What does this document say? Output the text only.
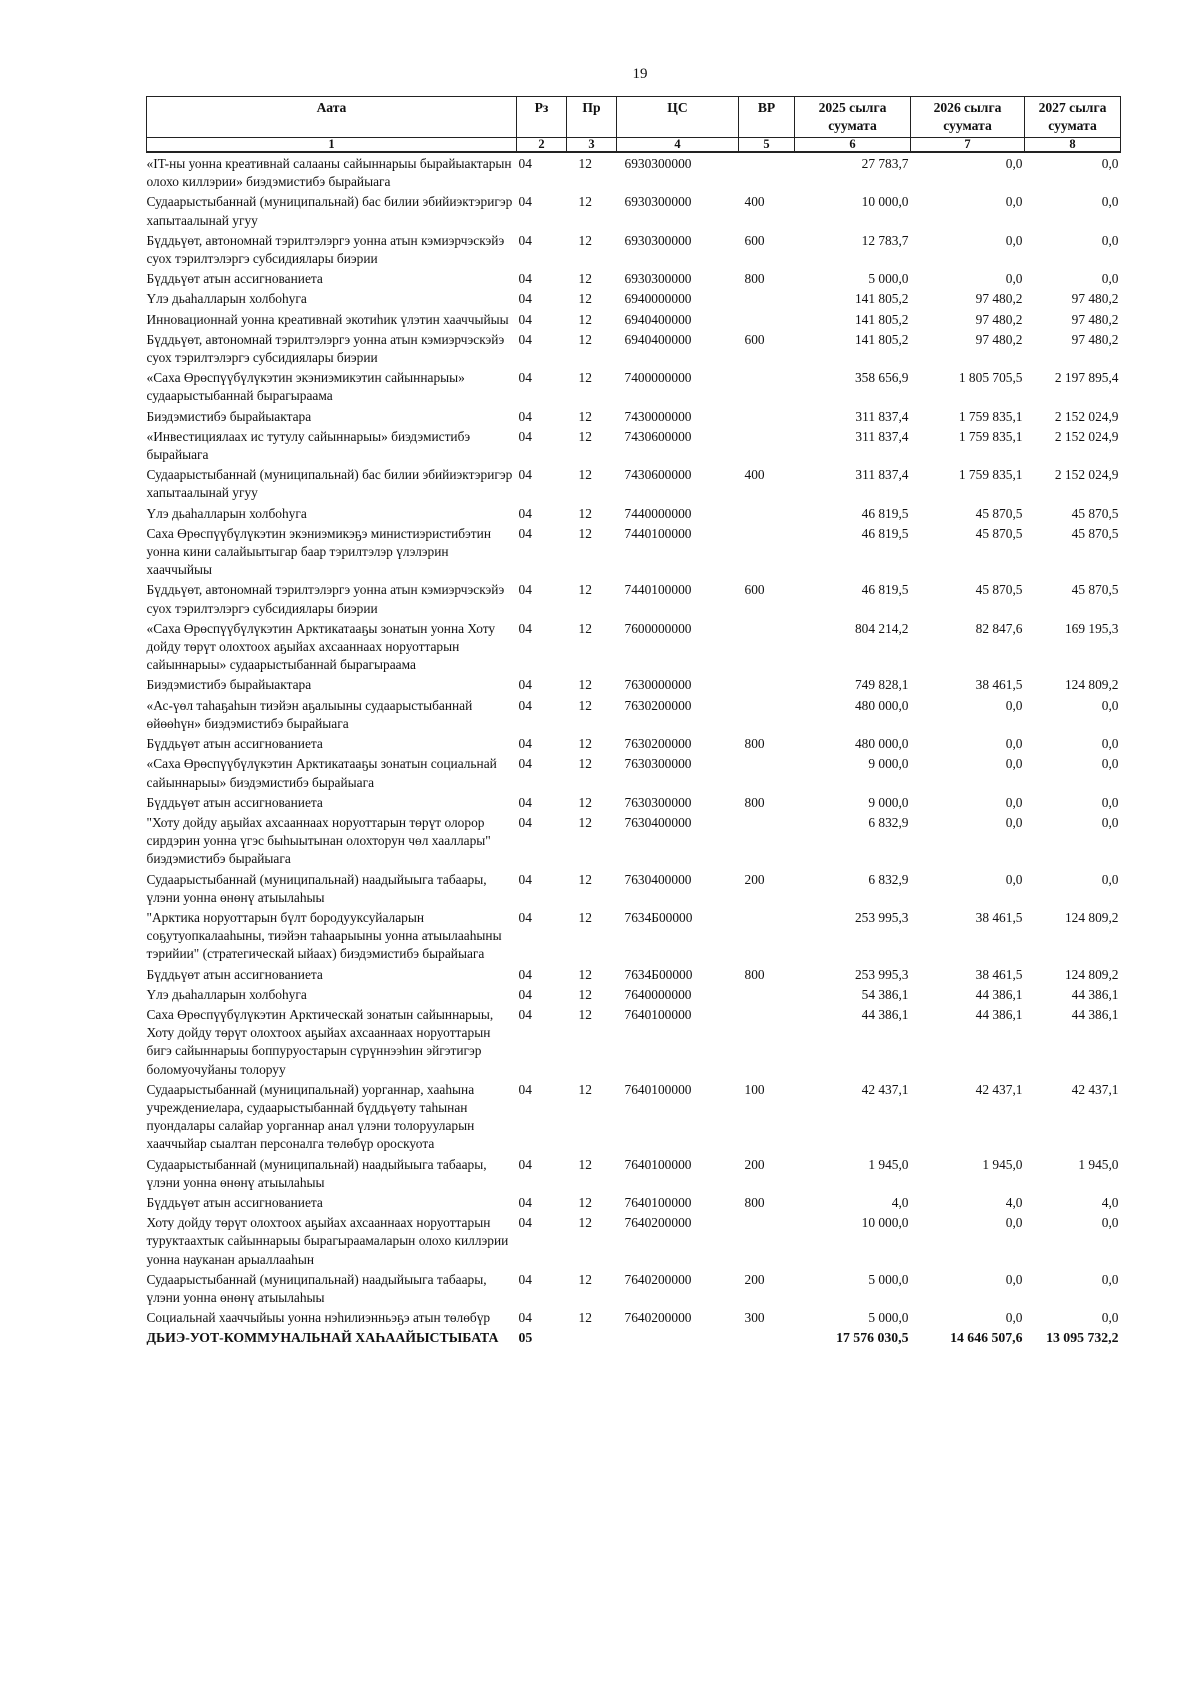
19
Аата	Рз	Пр	ЦС	ВР	2025 сылга суумата	2026 сылга суумата	2027 сылга суумата
1	2	3	4	5	6	7	8
«IT-ны уонна креативнай салааны сайыннарыы бырайыактарын олохо киллэрии» биэдэмистибэ бырайыага	04	12	6930300000		27 783,7	0,0	0,0
Судаарыстыбаннай (муниципальнай) бас билии эбийиэктэригэр хапытаалынай угуу	04	12	6930300000	400	10 000,0	0,0	0,0
Бүддьүөт, автономнай тэрилтэлэргэ уонна атын кэмиэрчэскэйэ суох тэрилтэлэргэ субсидиялары биэрии	04	12	6930300000	600	12 783,7	0,0	0,0
Бүддьүөт атын ассигнованиета	04	12	6930300000	800	5 000,0	0,0	0,0
Үлэ дьаһалларын холбоһуга	04	12	6940000000		141 805,2	97 480,2	97 480,2
Инновационнай уонна креативнай экотиһик үлэтин хааччыйыы	04	12	6940400000		141 805,2	97 480,2	97 480,2
Бүддьүөт, автономнай тэрилтэлэргэ уонна атын кэмиэрчэскэйэ суох тэрилтэлэргэ субсидиялары биэрии	04	12	6940400000	600	141 805,2	97 480,2	97 480,2
«Саха Өрөспүүбүлүкэтин экэниэмикэтин сайыннарыы» судаарыстыбаннай бырагыраама	04	12	7400000000		358 656,9	1 805 705,5	2 197 895,4
Биэдэмистибэ бырайыактара	04	12	7430000000		311 837,4	1 759 835,1	2 152 024,9
«Инвестициялаах ис тутулу сайыннарыы» биэдэмистибэ бырайыага	04	12	7430600000		311 837,4	1 759 835,1	2 152 024,9
Судаарыстыбаннай (муниципальнай) бас билии эбийиэктэригэр хапытаалынай угуу	04	12	7430600000	400	311 837,4	1 759 835,1	2 152 024,9
Үлэ дьаһалларын холбоһуга	04	12	7440000000		46 819,5	45 870,5	45 870,5
Саха Өрөспүүбүлүкэтин экэниэмикэҕэ министиэристибэтин уонна кини салайыытыгар баар тэрилтэлэр үлэлэрин хааччыйыы	04	12	7440100000		46 819,5	45 870,5	45 870,5
Бүддьүөт, автономнай тэрилтэлэргэ уонна атын кэмиэрчэскэйэ суох тэрилтэлэргэ субсидиялары биэрии	04	12	7440100000	600	46 819,5	45 870,5	45 870,5
«Саха Өрөспүүбүлүкэтин Арктикатааҕы зонатын уонна Хоту дойду төрүт олохтоох аҕыйах ахсааннаах норуоттарын сайыннарыы» судаарыстыбаннай бырагыраама	04	12	7600000000		804 214,2	82 847,6	169 195,3
Биэдэмистибэ бырайыактара	04	12	7630000000		749 828,1	38 461,5	124 809,2
«Ас-үөл таһаҕаһын тиэйэн аҕалыыны судаарыстыбаннай өйөөһүн» биэдэмистибэ бырайыага	04	12	7630200000		480 000,0	0,0	0,0
Бүддьүөт атын ассигнованиета	04	12	7630200000	800	480 000,0	0,0	0,0
«Саха Өрөспүүбүлүкэтин Арктикатааҕы зонатын социальнай сайыннарыы» биэдэмистибэ бырайыага	04	12	7630300000		9 000,0	0,0	0,0
Бүддьүөт атын ассигнованиета	04	12	7630300000	800	9 000,0	0,0	0,0
"Хоту дойду аҕыйах ахсааннаах норуоттарын төрүт олорор сирдэрин уонна үгэс быһыытынан олохторун чөл хааллары" биэдэмистибэ бырайыага	04	12	7630400000		6 832,9	0,0	0,0
Судаарыстыбаннай (муниципальнай) наадыйыыга табаары, үлэни уонна өнөнү атыылаһыы	04	12	7630400000	200	6 832,9	0,0	0,0
"Арктика норуоттарын бүлт бородууксуйаларын соҕутуопкалааһыны, тиэйэн таһаарыыны уонна атыылааһыны тэрийии" (стратегическай ыйаах) биэдэмистибэ бырайыага	04	12	7634Б00000		253 995,3	38 461,5	124 809,2
Бүддьүөт атын ассигнованиета	04	12	7634Б00000	800	253 995,3	38 461,5	124 809,2
Үлэ дьаһалларын холбоһуга	04	12	7640000000		54 386,1	44 386,1	44 386,1
Саха Өрөспүүбүлүкэтин Арктическай зонатын сайыннарыы, Хоту дойду төрүт олохтоох аҕыйах ахсааннаах норуоттарын бигэ сайыннарыы боппуруостарын сүрүннээһин эйгэтигэр боломуочуйаны толоруу	04	12	7640100000		44 386,1	44 386,1	44 386,1
Судаарыстыбаннай (муниципальнай) уорганнар, хааһына учреждениелара, судаарыстыбаннай бүддьүөту таһынан пуондалары салайар уорганнар анал үлэни толорууларын хааччыйар сыалтан персоналга төлөбүр ороскуота	04	12	7640100000	100	42 437,1	42 437,1	42 437,1
Судаарыстыбаннай (муниципальнай) наадыйыыга табаары, үлэни уонна өнөнү атыылаһыы	04	12	7640100000	200	1 945,0	1 945,0	1 945,0
Бүддьүөт атын ассигнованиета	04	12	7640100000	800	4,0	4,0	4,0
Хоту дойду төрүт олохтоох аҕыйах ахсааннаах норуоттарын туруктаахтык сайыннарыы бырагыраамаларын олохо киллэрии уонна науканан арыаллааһын	04	12	7640200000		10 000,0	0,0	0,0
Судаарыстыбаннай (муниципальнай) наадыйыыга табаары, үлэни уонна өнөнү атыылаһыы	04	12	7640200000	200	5 000,0	0,0	0,0
Социальнай хааччыйыы уонна нэһилиэнньэҕэ атын төлөбүр	04	12	7640200000	300	5 000,0	0,0	0,0
ДЬИЭ-УОТ-КОММУНАЛЬНАЙ ХАҺААЙЫСТЫБАТА	05				17 576 030,5	14 646 507,6	13 095 732,2
